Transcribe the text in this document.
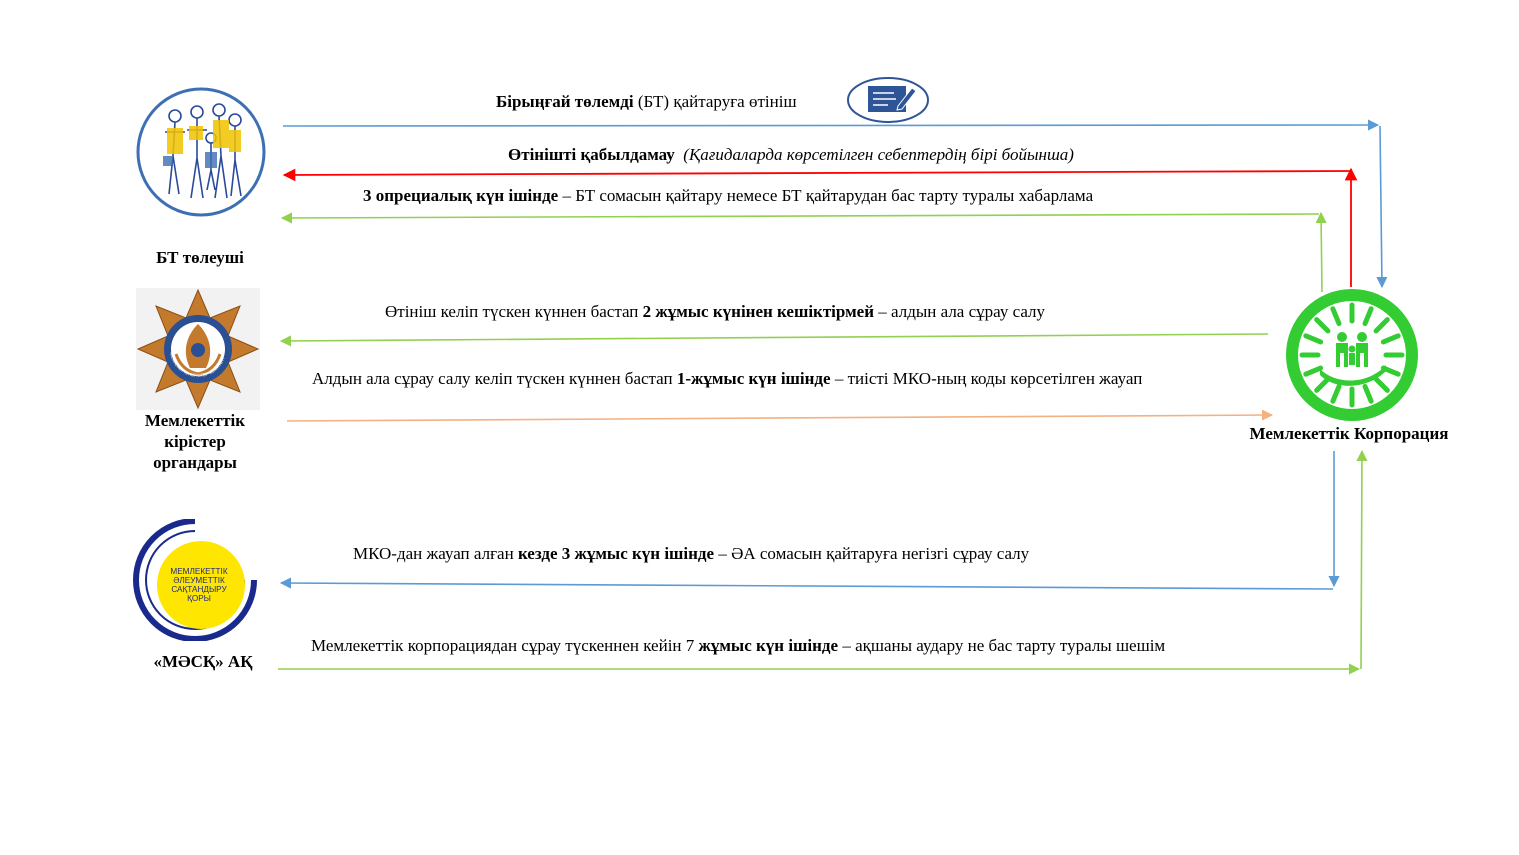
МЕМЛЕКЕТТІК КІРІСТЕР КОМИТЕТІ
МЕМЛЕКЕТТІК
ӘЛЕУМЕТТІК
САҚТАНДЫРУ
ҚОРЫ
БТ төлеуші
Мемлекеттік
кірістер
органдары
«МӘСҚ» АҚ
Мемлекеттік Корпорация
Бірыңғай төлемді (БТ) қайтаруға өтініш
Өтінішті қабылдамау  (Қағидаларда көрсетілген себептердің бірі бойынша)
3 опрециалық күн ішінде – БТ сомасын қайтару немесе БТ қайтарудан бас тарту туралы хабарлама
Өтініш келіп түскен күннен бастап 2 жұмыс күнінен кешіктірмей – алдын ала сұрау салу
Алдын ала сұрау салу келіп түскен күннен бастап 1-жұмыс күн ішінде – тиісті МКО-ның коды көрсетілген жауап
МКО-дан жауап алған кезде 3 жұмыс күн ішінде – ӘА сомасын қайтаруға негізгі сұрау салу
Мемлекеттік корпорациядан сұрау түскеннен кейін 7 жұмыс күн ішінде – ақшаны аудару не бас тарту туралы шешім
